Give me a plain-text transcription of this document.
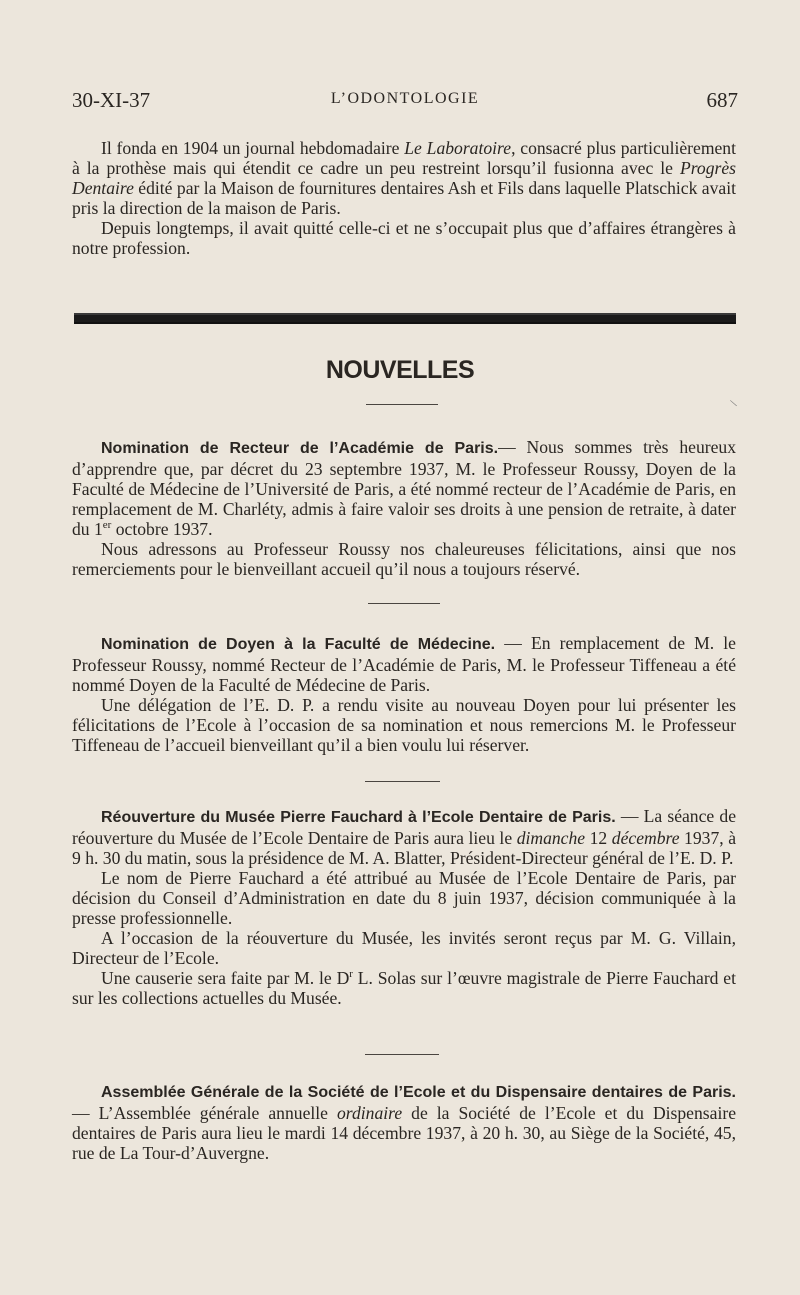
30-XI-37	L’ODONTOLOGIE	687

Il fonda en 1904 un journal hebdomadaire Le Laboratoire, consacré plus particulièrement à la prothèse mais qui étendit ce cadre un peu restreint lorsqu’il fusionna avec le Progrès Dentaire édité par la Maison de fournitures dentaires Ash et Fils dans laquelle Platschick avait pris la direction de la maison de Paris.

Depuis longtemps, il avait quitté celle-ci et ne s’occupait plus que d’affaires étrangères à notre profession.

NOUVELLES
\

Nomination de Recteur de l’Académie de Paris.— Nous sommes très heureux d’apprendre que, par décret du 23 septembre 1937, M. le Professeur Roussy, Doyen de la Faculté de Médecine de l’Université de Paris, a été nommé recteur de l’Académie de Paris, en remplacement de M. Charléty, admis à faire valoir ses droits à une pension de retraite, à dater du 1er octobre 1937.

Nous adressons au Professeur Roussy nos chaleureuses félicitations, ainsi que nos remerciements pour le bienveillant accueil qu’il nous a toujours réservé.

Nomination de Doyen à la Faculté de Médecine. — En remplacement de M. le Professeur Roussy, nommé Recteur de l’Académie de Paris, M. le Professeur Tiffeneau a été nommé Doyen de la Faculté de Médecine de Paris.

Une délégation de l’E. D. P. a rendu visite au nouveau Doyen pour lui présenter les félicitations de l’Ecole à l’occasion de sa nomination et nous remercions M. le Professeur Tiffeneau de l’accueil bienveillant qu’il a bien voulu lui réserver.

Réouverture du Musée Pierre Fauchard à l’Ecole Dentaire de Paris. — La séance de réouverture du Musée de l’Ecole Dentaire de Paris aura lieu le dimanche 12 décembre 1937, à 9 h. 30 du matin, sous la présidence de M. A. Blatter, Président-Directeur général de l’E. D. P.

Le nom de Pierre Fauchard a été attribué au Musée de l’Ecole Dentaire de Paris, par décision du Conseil d’Administration en date du 8 juin 1937, décision communiquée à la presse professionnelle.

A l’occasion de la réouverture du Musée, les invités seront reçus par M. G. Villain, Directeur de l’Ecole.

Une causerie sera faite par M. le $D^r$ L. Solas sur l’œuvre magistrale de Pierre Fauchard et sur les collections actuelles du Musée.

Assemblée Générale de la Société de l’Ecole et du Dispensaire dentaires de Paris. — L’Assemblée générale annuelle ordinaire de la Société de l’Ecole et du Dispensaire dentaires de Paris aura lieu le mardi 14 décembre 1937, à 20 h. 30, au Siège de la Société, 45, rue de La Tour-d’Auvergne.
